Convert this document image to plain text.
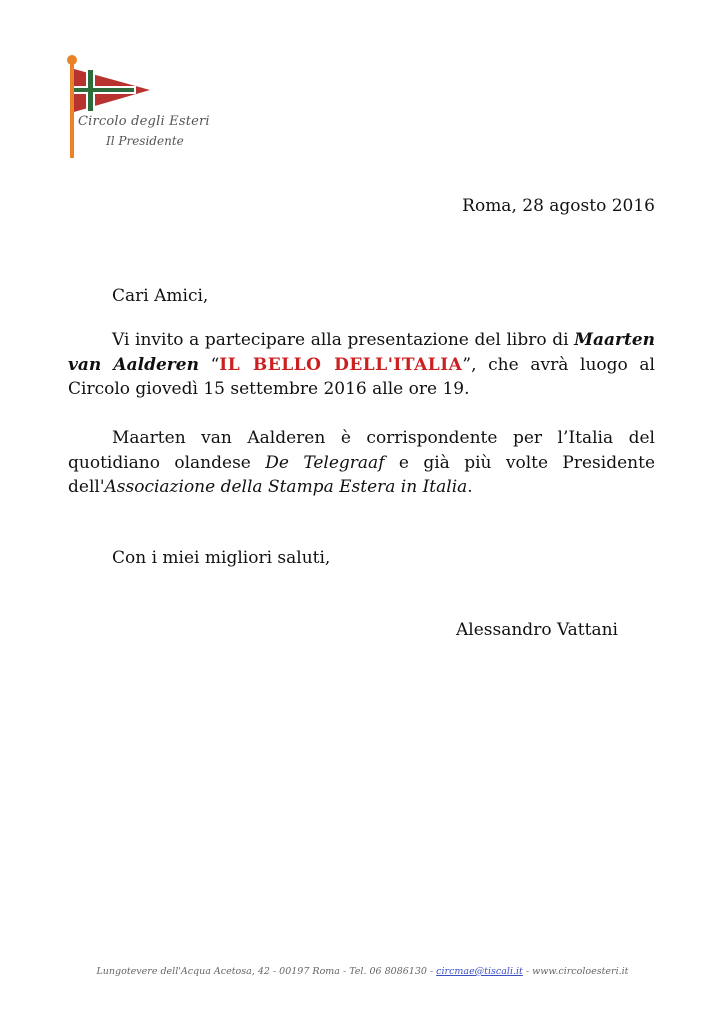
Circolo degli Esteri
Il Presidente
Roma, 28 agosto 2016
Cari Amici,
Vi invito a partecipare alla presentazione del libro di Maarten van Aalderen “IL BELLO DELL'ITALIA”, che avrà luogo al Circolo giovedì 15 settembre 2016 alle ore 19.
Maarten van Aalderen è corrispondente per l’Italia del quotidiano olandese De Telegraaf e già più volte Presidente dell'Associazione della Stampa Estera in Italia.
Con i miei migliori saluti,
Alessandro Vattani
Lungotevere dell'Acqua Acetosa, 42 - 00197 Roma - Tel. 06 8086130 - circmae@tiscali.it - www.circoloesteri.it
